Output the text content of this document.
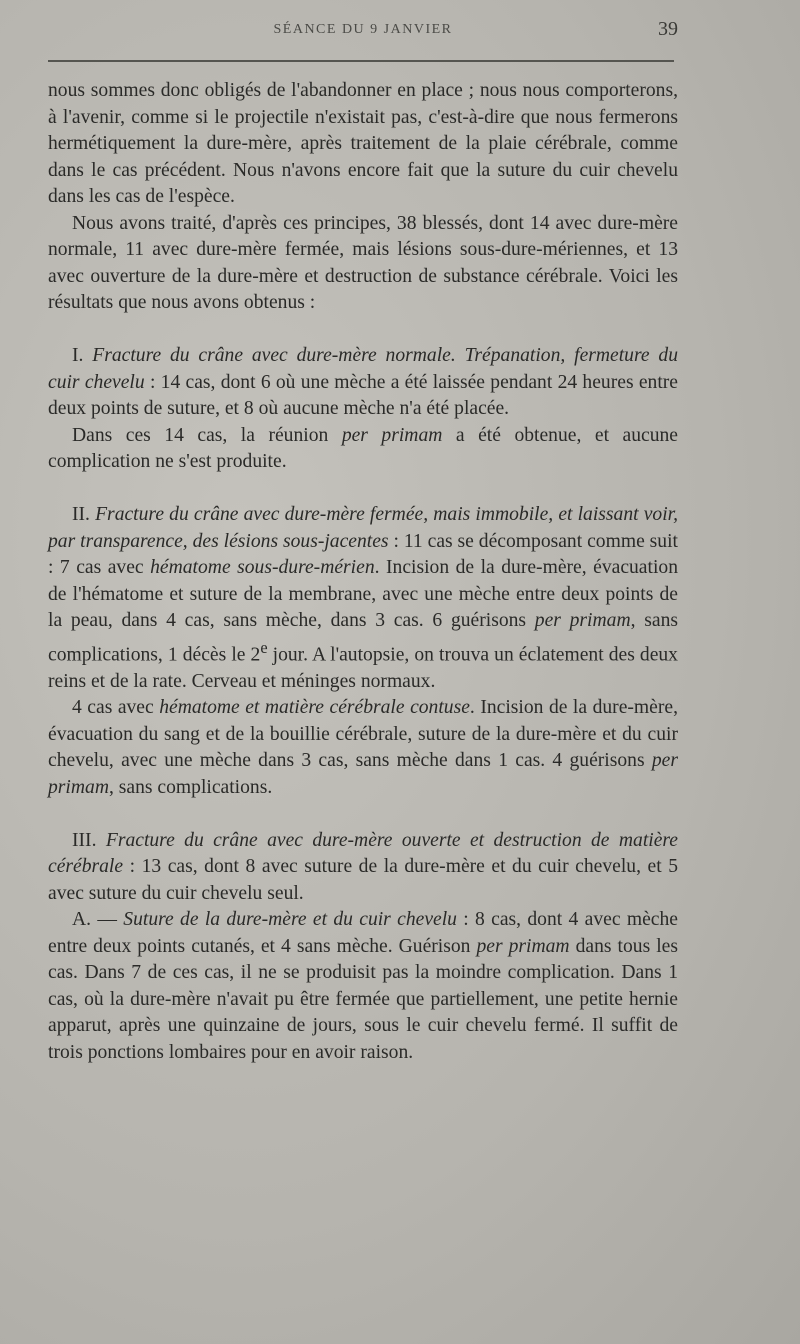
SÉANCE DU 9 JANVIER	39

nous sommes donc obligés de l'abandonner en place ; nous nous comporterons, à l'avenir, comme si le projectile n'existait pas, c'est-à-dire que nous fermerons hermétiquement la dure-mère, après traitement de la plaie cérébrale, comme dans le cas précédent. Nous n'avons encore fait que la suture du cuir chevelu dans les cas de l'espèce.

Nous avons traité, d'après ces principes, 38 blessés, dont 14 avec dure-mère normale, 11 avec dure-mère fermée, mais lésions sous-dure-mériennes, et 13 avec ouverture de la dure-mère et destruction de substance cérébrale. Voici les résultats que nous avons obtenus :

I. Fracture du crâne avec dure-mère normale. Trépanation, fermeture du cuir chevelu : 14 cas, dont 6 où une mèche a été laissée pendant 24 heures entre deux points de suture, et 8 où aucune mèche n'a été placée.

Dans ces 14 cas, la réunion per primam a été obtenue, et aucune complication ne s'est produite.

II. Fracture du crâne avec dure-mère fermée, mais immobile, et laissant voir, par transparence, des lésions sous-jacentes : 11 cas se décomposant comme suit : 7 cas avec hématome sous-dure-mérien. Incision de la dure-mère, évacuation de l'hématome et suture de la membrane, avec une mèche entre deux points de la peau, dans 4 cas, sans mèche, dans 3 cas. 6 guérisons per primam, sans complications, 1 décès le 2e jour. A l'autopsie, on trouva un éclatement des deux reins et de la rate. Cerveau et méninges normaux.

4 cas avec hématome et matière cérébrale contuse. Incision de la dure-mère, évacuation du sang et de la bouillie cérébrale, suture de la dure-mère et du cuir chevelu, avec une mèche dans 3 cas, sans mèche dans 1 cas. 4 guérisons per primam, sans complications.

III. Fracture du crâne avec dure-mère ouverte et destruction de matière cérébrale : 13 cas, dont 8 avec suture de la dure-mère et du cuir chevelu, et 5 avec suture du cuir chevelu seul.

A. — Suture de la dure-mère et du cuir chevelu : 8 cas, dont 4 avec mèche entre deux points cutanés, et 4 sans mèche. Guérison per primam dans tous les cas. Dans 7 de ces cas, il ne se produisit pas la moindre complication. Dans 1 cas, où la dure-mère n'avait pu être fermée que partiellement, une petite hernie apparut, après une quinzaine de jours, sous le cuir chevelu fermé. Il suffit de trois ponctions lombaires pour en avoir raison.
